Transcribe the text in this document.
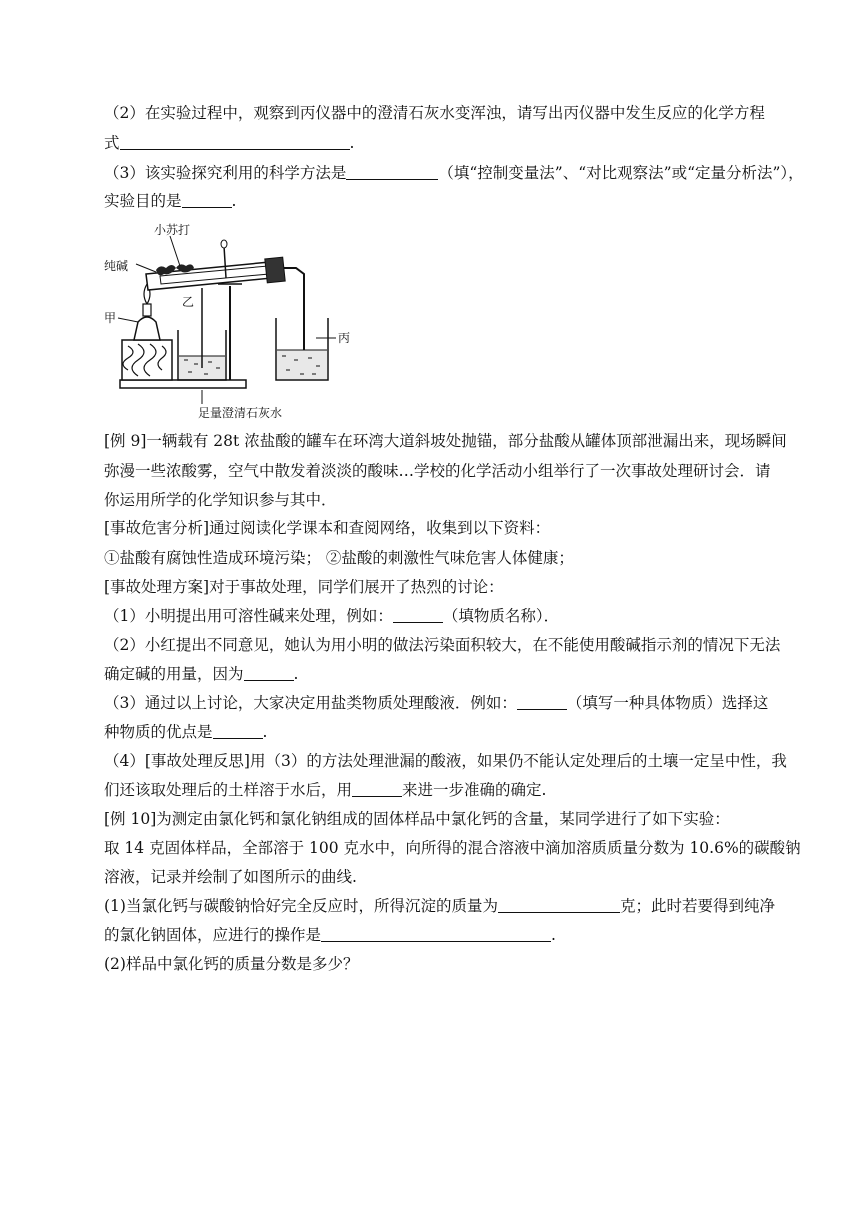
（2）在实验过程中，观察到丙仪器中的澄清石灰水变浑浊，请写出丙仪器中发生反应的化学方程
式	.
（3）该实验探究利用的科学方法是	（填“控制变量法”、“对比观察法”或“定量分析法”），
实验目的是	.
小苏打
纯碱
甲
乙
丙
足量澄清石灰水
[例 9]一辆载有 28t 浓盐酸的罐车在环湾大道斜坡处抛锚，部分盐酸从罐体顶部泄漏出来，现场瞬间
弥漫一些浓酸雾，空气中散发着淡淡的酸味…学校的化学活动小组举行了一次事故处理研讨会．请
你运用所学的化学知识参与其中．
[事故危害分析]通过阅读化学课本和查阅网络，收集到以下资料：
①盐酸有腐蚀性造成环境污染； ②盐酸的刺激性气味危害人体健康；
[事故处理方案]对于事故处理，同学们展开了热烈的讨论：
（1）小明提出用可溶性碱来处理，例如：	（填物质名称）．
（2）小红提出不同意见，她认为用小明的做法污染面积较大，在不能使用酸碱指示剂的情况下无法
确定碱的用量，因为	.
（3）通过以上讨论，大家决定用盐类物质处理酸液．例如：	（填写一种具体物质）选择这
种物质的优点是	.
（4）[事故处理反思]用（3）的方法处理泄漏的酸液，如果仍不能认定处理后的土壤一定呈中性，我
们还该取处理后的土样溶于水后，用	来进一步准确的确定.
[例 10]为测定由氯化钙和氯化钠组成的固体样品中氯化钙的含量，某同学进行了如下实验：
取 14 克固体样品，全部溶于 100 克水中，向所得的混合溶液中滴加溶质质量分数为 10.6%的碳酸钠
溶液，记录并绘制了如图所示的曲线.
(1)当氯化钙与碳酸钠恰好完全反应时，所得沉淀的质量为	克；此时若要得到纯净
的氯化钠固体，应进行的操作是	.
(2)样品中氯化钙的质量分数是多少？
